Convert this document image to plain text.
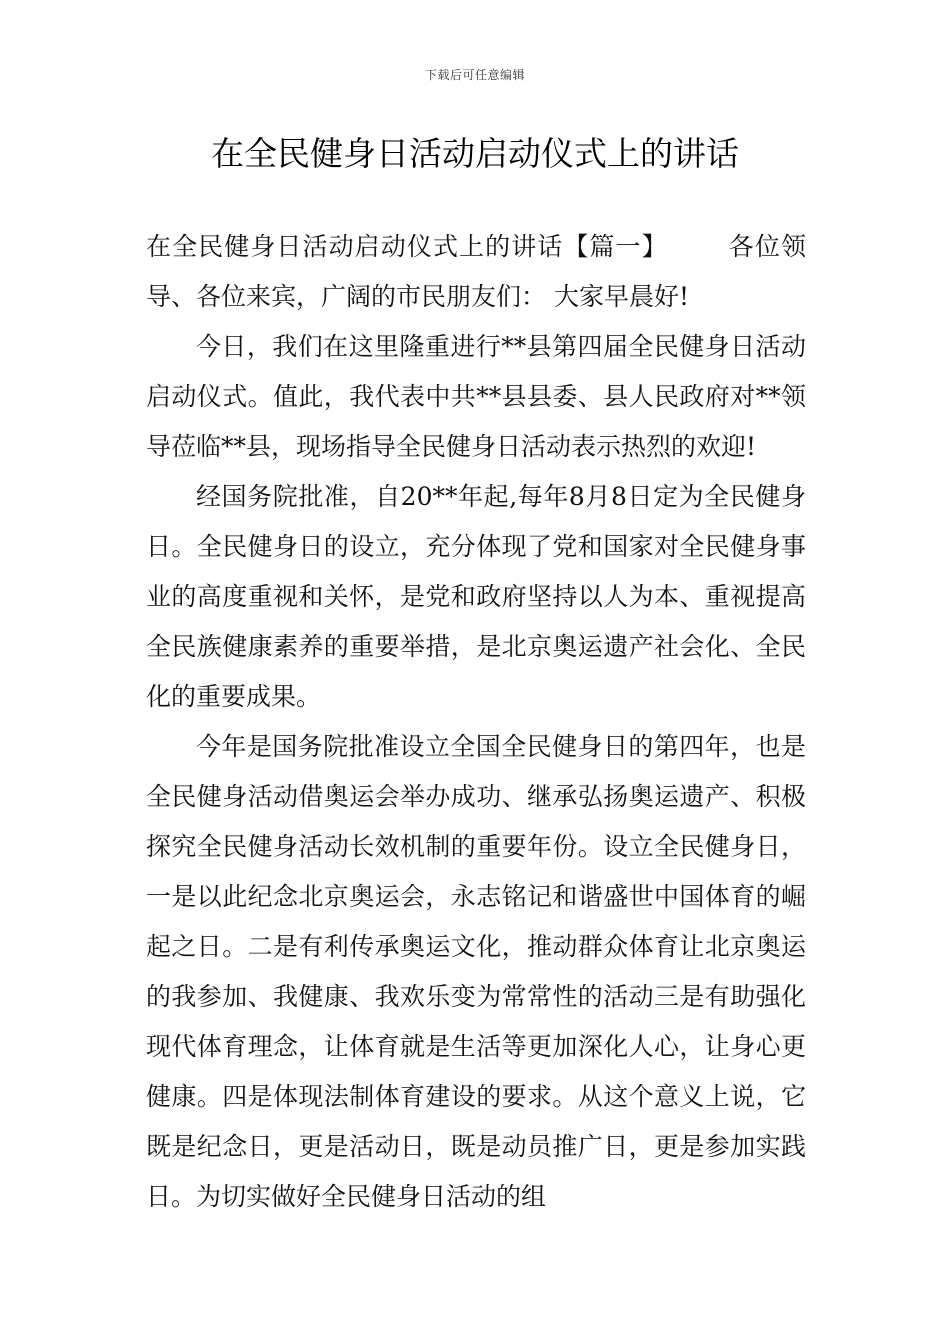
下载后可任意编辑
在全民健身日活动启动仪式上的讲话

在全民健身日活动启动仪式上的讲话【篇一】 各位领导、各位来宾，广阔的市民朋友们： 大家早晨好!

今日，我们在这里隆重进行**县第四届全民健身日活动启动仪式。值此，我代表中共**县县委、县人民政府对**领导莅临**县，现场指导全民健身日活动表示热烈的欢迎!

经国务院批准，自20**年起,每年8月8日定为全民健身日。全民健身日的设立，充分体现了党和国家对全民健身事业的高度重视和关怀，是党和政府坚持以人为本、重视提高全民族健康素养的重要举措，是北京奥运遗产社会化、全民化的重要成果。

今年是国务院批准设立全国全民健身日的第四年，也是全民健身活动借奥运会举办成功、继承弘扬奥运遗产、积极探究全民健身活动长效机制的重要年份。设立全民健身日，一是以此纪念北京奥运会，永志铭记和谐盛世中国体育的崛起之日。二是有利传承奥运文化，推动群众体育让北京奥运的我参加、我健康、我欢乐变为常常性的活动三是有助强化现代体育理念，让体育就是生活等更加深化人心，让身心更健康。四是体现法制体育建设的要求。从这个意义上说，它既是纪念日，更是活动日，既是动员推广日，更是参加实践日。为切实做好全民健身日活动的组
